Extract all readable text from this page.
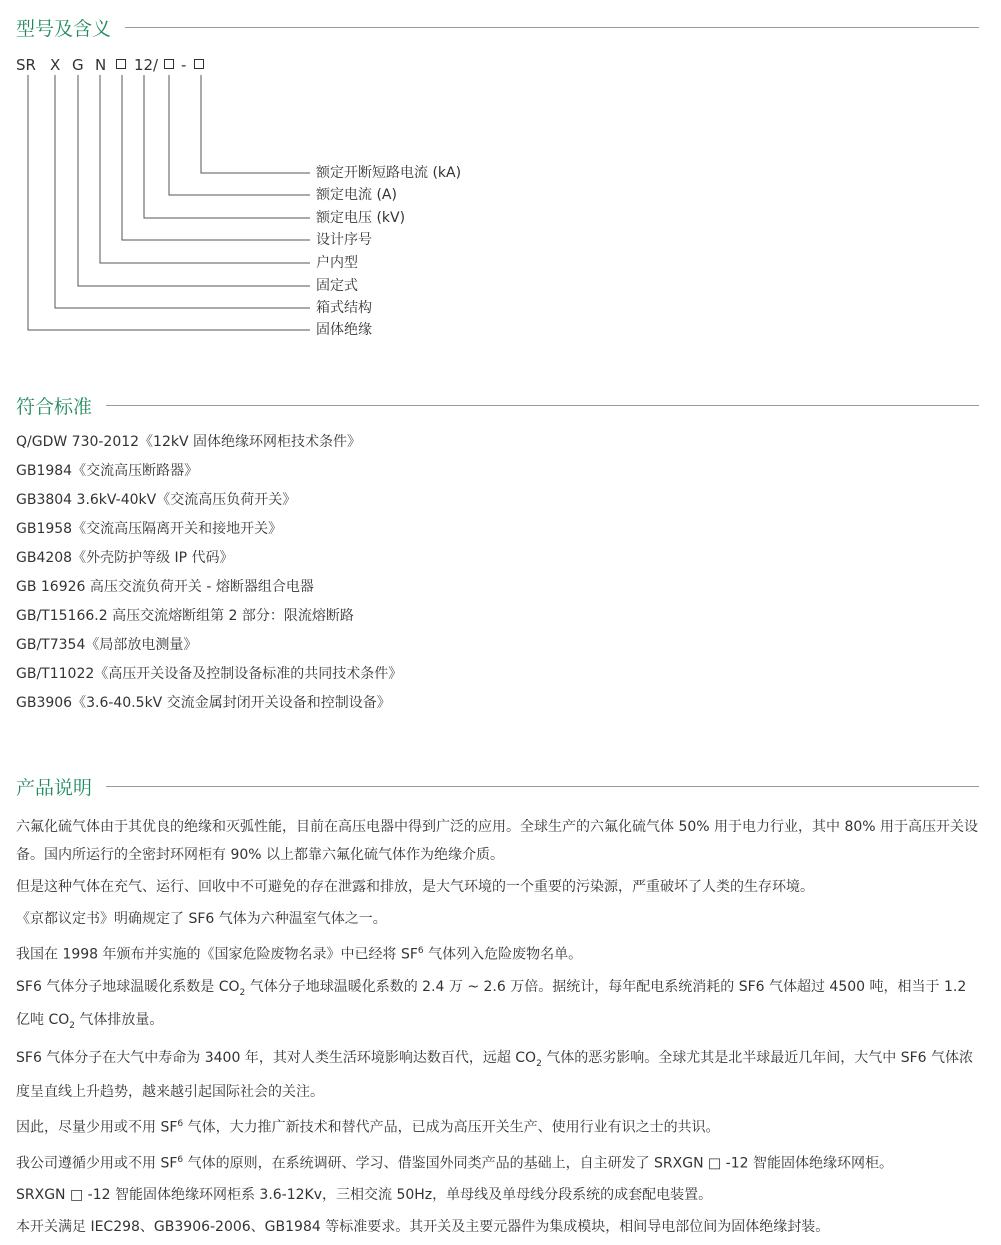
型号及含义
SR X G N 12 / -
额定开断短路电流 (kA)
额定电流 (A)
额定电压 (kV)
设计序号
户内型
固定式
箱式结构
固体绝缘
符合标准
Q/GDW 730-2012《12kV 固体绝缘环网柜技术条件》
GB1984《交流高压断路器》
GB3804 3.6kV-40kV《交流高压负荷开关》
GB1958《交流高压隔离开关和接地开关》
GB4208《外壳防护等级 IP 代码》
GB 16926 高压交流负荷开关 - 熔断器组合电器
GB/T15166.2 高压交流熔断组第 2 部分：限流熔断路
GB/T7354《局部放电测量》
GB/T11022《高压开关设备及控制设备标准的共同技术条件》
GB3906《3.6-40.5kV 交流金属封闭开关设备和控制设备》
产品说明

六氟化硫气体由于其优良的绝缘和灭弧性能，目前在高压电器中得到广泛的应用。全球生产的六氟化硫气体 50% 用于电力行业，其中 80% 用于高压开关设备。国内所运行的全密封环网柜有 90% 以上都靠六氟化硫气体作为绝缘介质。

但是这种气体在充气、运行、回收中不可避免的存在泄露和排放，是大气环境的一个重要的污染源，严重破坏了人类的生存环境。

《京都议定书》明确规定了 SF6 气体为六种温室气体之一。

我国在 1998 年颁布并实施的《国家危险废物名录》中已经将 $SF^6$ 气体列入危险废物名单。

SF6 气体分子地球温暖化系数是 $CO_2$ 气体分子地球温暖化系数的 2.4 万 ~ 2.6 万倍。据统计，每年配电系统消耗的 SF6 气体超过 4500 吨，相当于 1.2 亿吨 $CO_2$ 气体排放量。

SF6 气体分子在大气中寿命为 3400 年，其对人类生活环境影响达数百代，远超 $CO_2$ 气体的恶劣影响。全球尤其是北半球最近几年间，大气中 SF6 气体浓度呈直线上升趋势，越来越引起国际社会的关注。

因此，尽量少用或不用 $SF^6$ 气体，大力推广新技术和替代产品，已成为高压开关生产、使用行业有识之士的共识。

我公司遵循少用或不用 $SF^6$ 气体的原则，在系统调研、学习、借鉴国外同类产品的基础上，自主研发了 SRXGN □ -12 智能固体绝缘环网柜。

SRXGN □ -12 智能固体绝缘环网柜系 3.6-12Kv，三相交流 50Hz，单母线及单母线分段系统的成套配电装置。

本开关满足 IEC298、GB3906-2006、GB1984 等标准要求。其开关及主要元器件为集成模块，相间导电部位间为固体绝缘封装。
